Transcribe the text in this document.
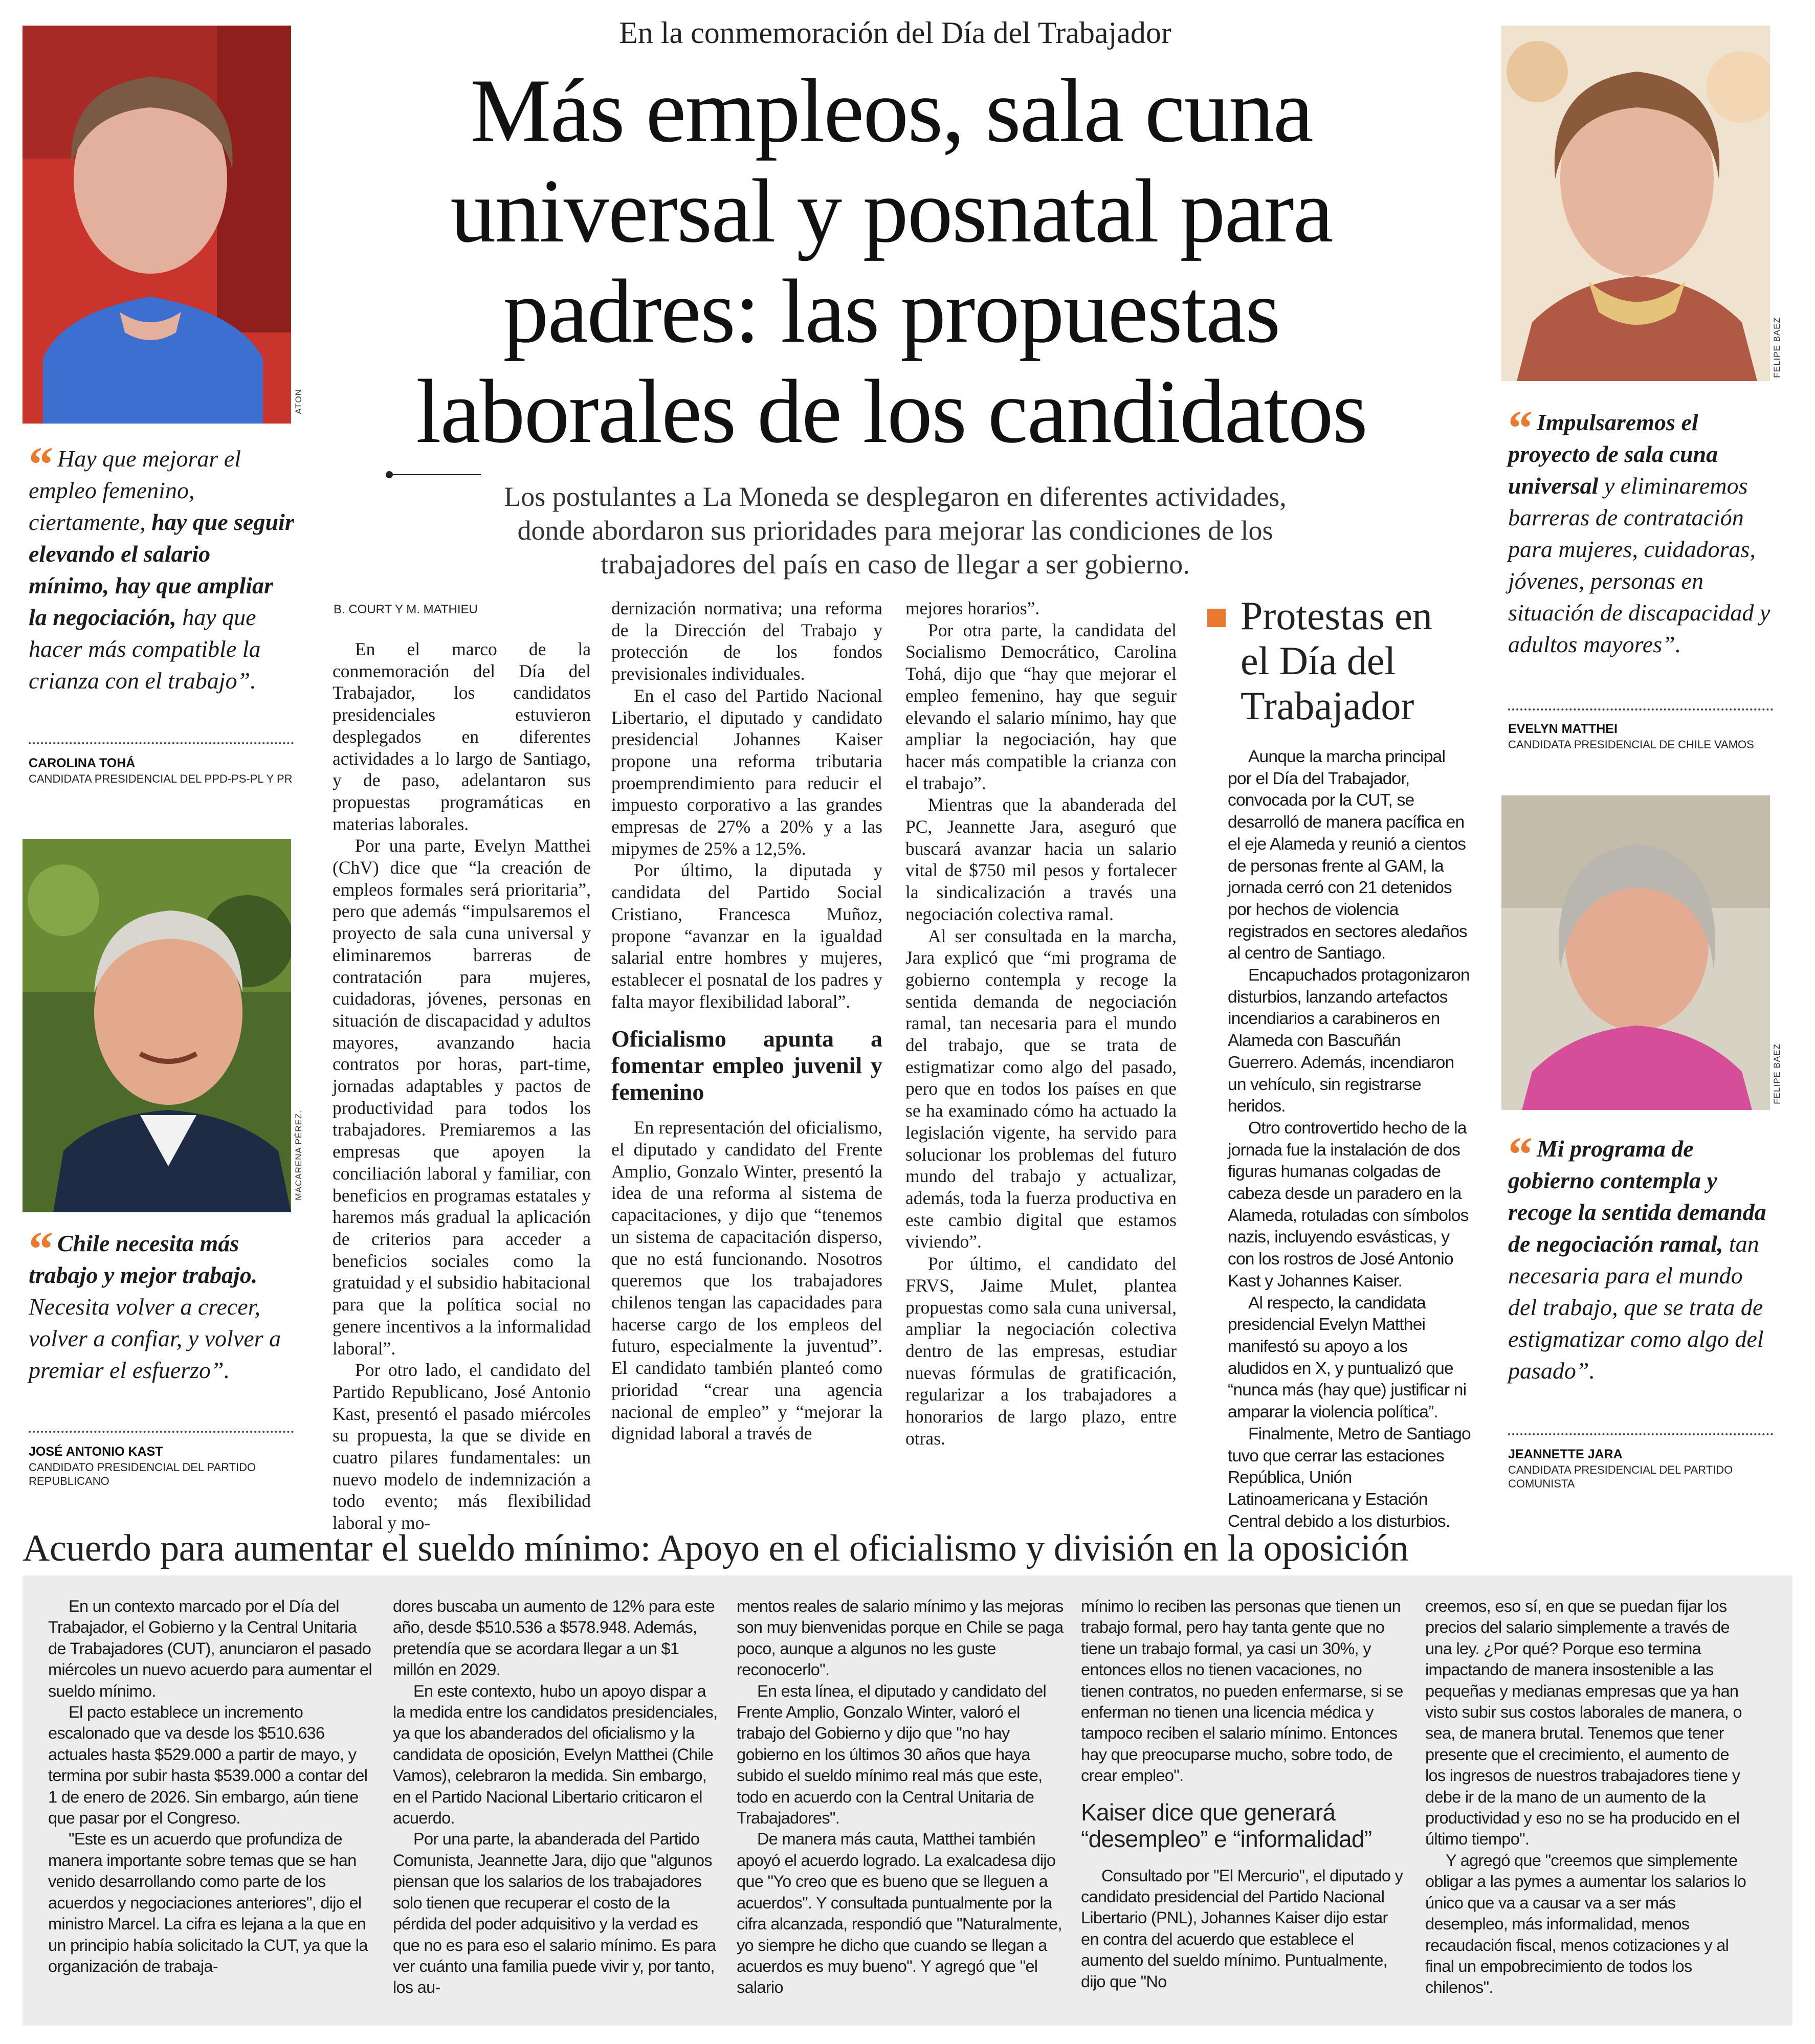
ATON
“ Hay que mejorar el empleo femenino, ciertamente, hay que seguir elevando el salario mínimo, hay que ampliar la negociación, hay que hacer más compatible la crianza con el trabajo”.
CAROLINA TOHÁ
CANDIDATA PRESIDENCIAL DEL PPD-PS-PL Y PR
MACARENA PÉREZ.
“ Chile necesita más trabajo y mejor trabajo. Necesita volver a crecer, volver a confiar, y volver a premiar el esfuerzo”.
JOSÉ ANTONIO KAST
CANDIDATO PRESIDENCIAL DEL PARTIDO REPUBLICANO
En la conmemoración del Día del Trabajador
Más empleos, sala cuna
universal y posnatal para
padres: las propuestas
laborales de los candidatos
Los postulantes a La Moneda se desplegaron en diferentes actividades,
donde abordaron sus prioridades para mejorar las condiciones de los
trabajadores del país en caso de llegar a ser gobierno.
B. COURT Y M. MATHIEU

En el marco de la conmemoración del Día del Trabajador, los candidatos presidenciales estuvieron desplegados en diferentes actividades a lo largo de Santiago, y de paso, adelantaron sus propuestas programáticas en materias laborales.

Por una parte, Evelyn Matthei (ChV) dice que “la creación de empleos formales será prioritaria”, pero que además “impulsaremos el proyecto de sala cuna universal y eliminaremos barreras de contratación para mujeres, cuidadoras, jóvenes, personas en situación de discapacidad y adultos mayores, avanzando hacia contratos por horas, part-time, jornadas adaptables y pactos de productividad para todos los trabajadores. Premiaremos a las empresas que apoyen la conciliación laboral y familiar, con beneficios en programas estatales y haremos más gradual la aplicación de criterios para acceder a beneficios sociales como la gratuidad y el subsidio habitacional para que la política social no genere incentivos a la informalidad laboral”.

Por otro lado, el candidato del Partido Republicano, José Antonio Kast, presentó el pasado miércoles su propuesta, la que se divide en cuatro pilares fundamentales: un nuevo modelo de indemnización a todo evento; más flexibilidad laboral y mo-

dernización normativa; una reforma de la Dirección del Trabajo y protección de los fondos previsionales individuales.

En el caso del Partido Nacional Libertario, el diputado y candidato presidencial Johannes Kaiser propone una reforma tributaria proemprendimiento para reducir el impuesto corporativo a las grandes empresas de 27% a 20% y a las mipymes de 25% a 12,5%.

Por último, la diputada y candidata del Partido Social Cristiano, Francesca Muñoz, propone “avanzar en la igualdad salarial entre hombres y mujeres, establecer el posnatal de los padres y falta mayor flexibilidad laboral”.

Oficialismo apunta a fomentar empleo juvenil y femenino

En representación del oficialismo, el diputado y candidato del Frente Amplio, Gonzalo Winter, presentó la idea de una reforma al sistema de capacitaciones, y dijo que “tenemos un sistema de capacitación disperso, que no está funcionando. Nosotros queremos que los trabajadores chilenos tengan las capacidades para hacerse cargo de los empleos del futuro, especialmente la juventud”. El candidato también planteó como prioridad “crear una agencia nacional de empleo” y “mejorar la dignidad laboral a través de

mejores horarios”.

Por otra parte, la candidata del Socialismo Democrático, Carolina Tohá, dijo que “hay que mejorar el empleo femenino, hay que seguir elevando el salario mínimo, hay que ampliar la negociación, hay que hacer más compatible la crianza con el trabajo”.

Mientras que la abanderada del PC, Jeannette Jara, aseguró que buscará avanzar hacia un salario vital de $750 mil pesos y fortalecer la sindicalización a través una negociación colectiva ramal.

Al ser consultada en la marcha, Jara explicó que “mi programa de gobierno contempla y recoge la sentida demanda de negociación ramal, tan necesaria para el mundo del trabajo, que se trata de estigmatizar como algo del pasado, pero que en todos los países en que se ha examinado cómo ha actuado la legislación vigente, ha servido para solucionar los problemas del futuro mundo del trabajo y actualizar, además, toda la fuerza productiva en este cambio digital que estamos viviendo”.

Por último, el candidato del FRVS, Jaime Mulet, plantea propuestas como sala cuna universal, ampliar la negociación colectiva dentro de las empresas, estudiar nuevas fórmulas de gratificación, regularizar a los trabajadores a honorarios de largo plazo, entre otras.

Protestas en
el Día del
Trabajador

Aunque la marcha principal por el Día del Trabajador, convocada por la CUT, se desarrolló de manera pacífica en el eje Alameda y reunió a cientos de personas frente al GAM, la jornada cerró con 21 detenidos por hechos de violencia registrados en sectores aledaños al centro de Santiago.

Encapuchados protagonizaron disturbios, lanzando artefactos incendiarios a carabineros en Alameda con Bascuñán Guerrero. Además, incendiaron un vehículo, sin registrarse heridos.

Otro controvertido hecho de la jornada fue la instalación de dos figuras humanas colgadas de cabeza desde un paradero en la Alameda, rotuladas con símbolos nazis, incluyendo esvásticas, y con los rostros de José Antonio Kast y Johannes Kaiser.

Al respecto, la candidata presidencial Evelyn Matthei manifestó su apoyo a los aludidos en X, y puntualizó que “nunca más (hay que) justificar ni amparar la violencia política”.

Finalmente, Metro de Santiago tuvo que cerrar las estaciones República, Unión Latinoamericana y Estación Central debido a los disturbios.

FELIPE BAEZ
“ Impulsaremos el proyecto de sala cuna universal y eliminaremos barreras de contratación para mujeres, cuidadoras, jóvenes, personas en situación de discapacidad y adultos mayores”.
EVELYN MATTHEI
CANDIDATA PRESIDENCIAL DE CHILE VAMOS
FELIPE BAEZ
“ Mi programa de gobierno contempla y recoge la sentida demanda de negociación ramal, tan necesaria para el mundo del trabajo, que se trata de estigmatizar como algo del pasado”.
JEANNETTE JARA
CANDIDATA PRESIDENCIAL DEL PARTIDO COMUNISTA
Acuerdo para aumentar el sueldo mínimo: Apoyo en el oficialismo y división en la oposición

En un contexto marcado por el Día del Trabajador, el Gobierno y la Central Unitaria de Trabajadores (CUT), anunciaron el pasado miércoles un nuevo acuerdo para aumentar el sueldo mínimo.

El pacto establece un incremento escalonado que va desde los $510.636 actuales hasta $529.000 a partir de mayo, y termina por subir hasta $539.000 a contar del 1 de enero de 2026. Sin embargo, aún tiene que pasar por el Congreso.

"Este es un acuerdo que profundiza de manera importante sobre temas que se han venido desarrollando como parte de los acuerdos y negociaciones anteriores", dijo el ministro Marcel. La cifra es lejana a la que en un principio había solicitado la CUT, ya que la organización de trabaja-

dores buscaba un aumento de 12% para este año, desde $510.536 a $578.948. Además, pretendía que se acordara llegar a un $1 millón en 2029.

En este contexto, hubo un apoyo dispar a la medida entre los candidatos presidenciales, ya que los abanderados del oficialismo y la candidata de oposición, Evelyn Matthei (Chile Vamos), celebraron la medida. Sin embargo, en el Partido Nacional Libertario criticaron el acuerdo.

Por una parte, la abanderada del Partido Comunista, Jeannette Jara, dijo que "algunos piensan que los salarios de los trabajadores solo tienen que recuperar el costo de la pérdida del poder adquisitivo y la verdad es que no es para eso el salario mínimo. Es para ver cuánto una familia puede vivir y, por tanto, los au-

mentos reales de salario mínimo y las mejoras son muy bienvenidas porque en Chile se paga poco, aunque a algunos no les guste reconocerlo".

En esta línea, el diputado y candidato del Frente Amplio, Gonzalo Winter, valoró el trabajo del Gobierno y dijo que "no hay gobierno en los últimos 30 años que haya subido el sueldo mínimo real más que este, todo en acuerdo con la Central Unitaria de Trabajadores".

De manera más cauta, Matthei también apoyó el acuerdo logrado. La exalcadesa dijo que "Yo creo que es bueno que se lleguen a acuerdos". Y consultada puntualmente por la cifra alcanzada, respondió que "Naturalmente, yo siempre he dicho que cuando se llegan a acuerdos es muy bueno". Y agregó que "el salario

mínimo lo reciben las personas que tienen un trabajo formal, pero hay tanta gente que no tiene un trabajo formal, ya casi un 30%, y entonces ellos no tienen vacaciones, no tienen contratos, no pueden enfermarse, si se enferman no tienen una licencia médica y tampoco reciben el salario mínimo. Entonces hay que preocuparse mucho, sobre todo, de crear empleo".

Kaiser dice que generará “desempleo” e “informalidad”

Consultado por "El Mercurio", el diputado y candidato presidencial del Partido Nacional Libertario (PNL), Johannes Kaiser dijo estar en contra del acuerdo que establece el aumento del sueldo mínimo. Puntualmente, dijo que "No

creemos, eso sí, en que se puedan fijar los precios del salario simplemente a través de una ley. ¿Por qué? Porque eso termina impactando de manera insostenible a las pequeñas y medianas empresas que ya han visto subir sus costos laborales de manera, o sea, de manera brutal. Tenemos que tener presente que el crecimiento, el aumento de los ingresos de nuestros trabajadores tiene y debe ir de la mano de un aumento de la productividad y eso no se ha producido en el último tiempo".

Y agregó que "creemos que simplemente obligar a las pymes a aumentar los salarios lo único que va a causar va a ser más desempleo, más informalidad, menos recaudación fiscal, menos cotizaciones y al final un empobrecimiento de todos los chilenos".
